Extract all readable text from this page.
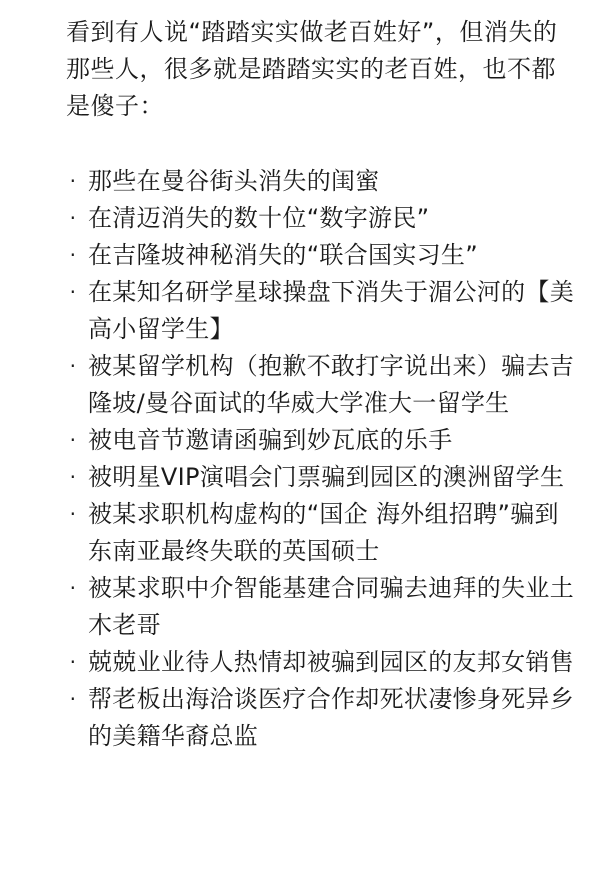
看到有人说“踏踏实实做老百姓好”，但消失的那些人，很多就是踏踏实实的老百姓，也不都是傻子：

· 那些在曼谷街头消失的闺蜜
· 在清迈消失的数十位“数字游民”
· 在吉隆坡神秘消失的“联合国实习生”
· 在某知名研学星球操盘下消失于湄公河的【美高小留学生】
· 被某留学机构（抱歉不敢打字说出来）骗去吉隆坡/曼谷面试的华威大学准大一留学生
· 被电音节邀请函骗到妙瓦底的乐手
· 被明星VIP演唱会门票骗到园区的澳洲留学生
· 被某求职机构虚构的“国企 海外组招聘”骗到东南亚最终失联的英国硕士
· 被某求职中介智能基建合同骗去迪拜的失业土木老哥
· 兢兢业业待人热情却被骗到园区的友邦女销售
· 帮老板出海洽谈医疗合作却死状凄惨身死异乡的美籍华裔总监
